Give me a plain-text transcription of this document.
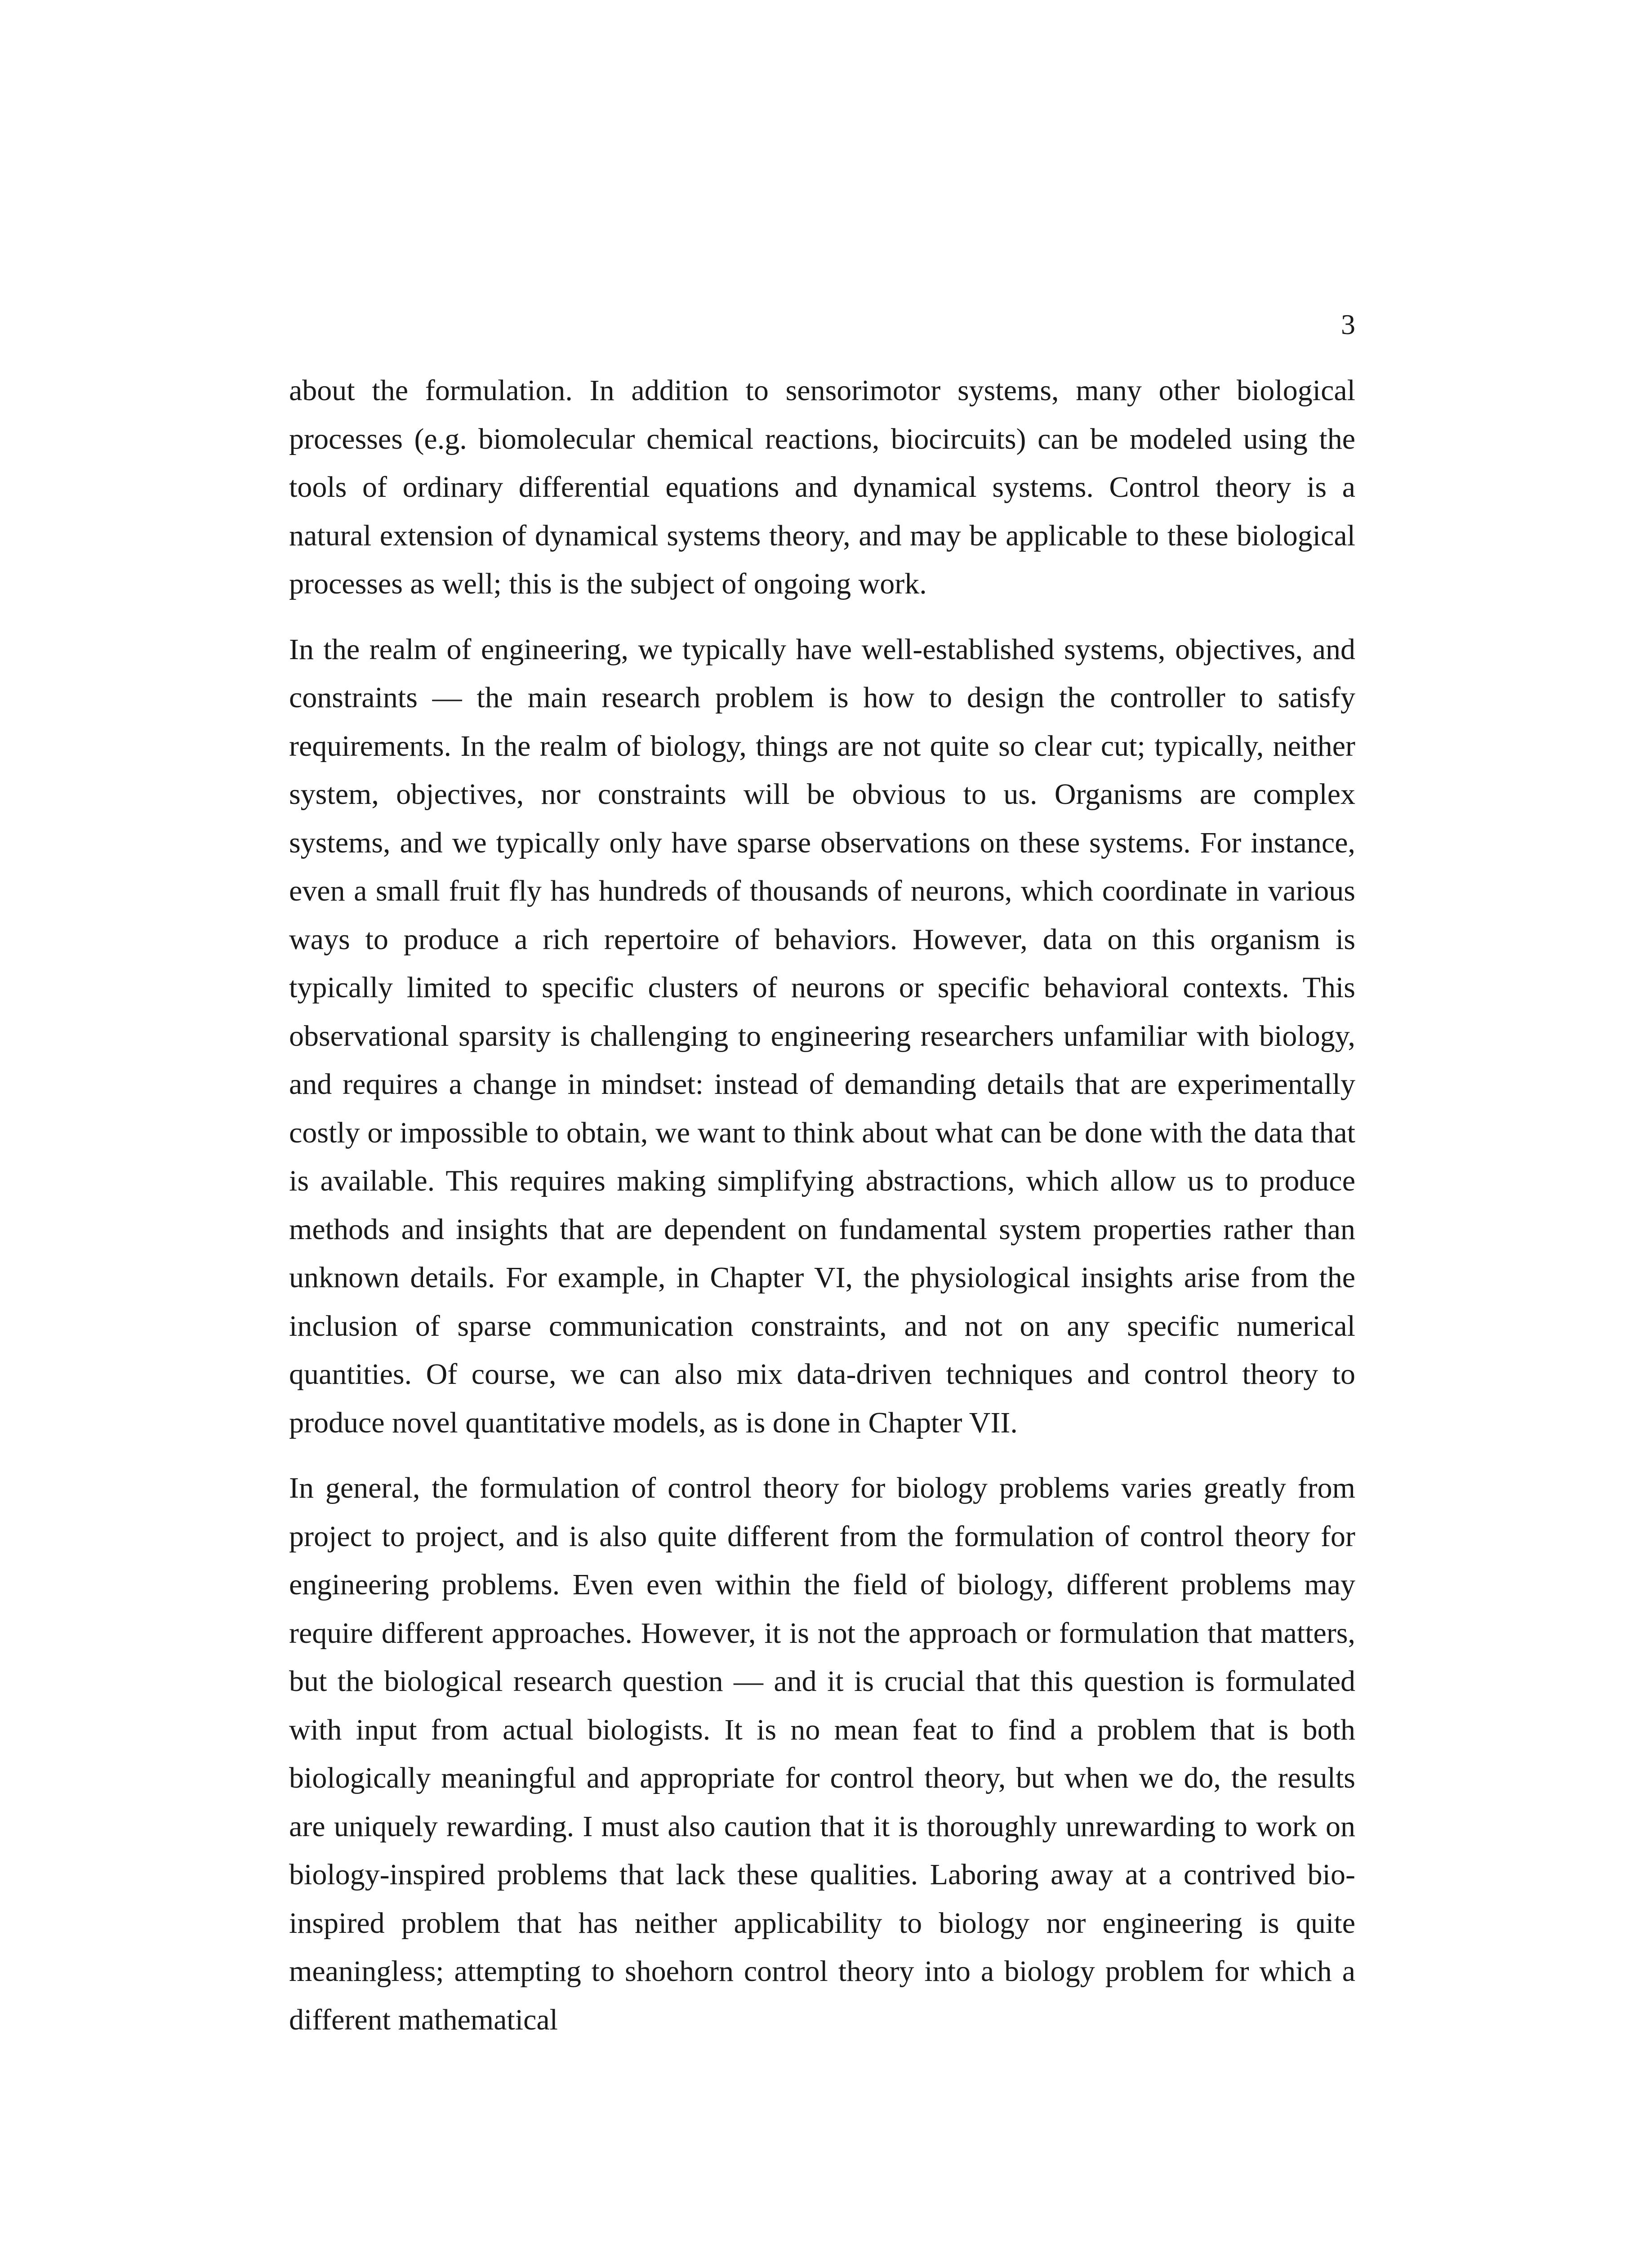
3

about the formulation. In addition to sensorimotor systems, many other biological processes (e.g. biomolecular chemical reactions, biocircuits) can be modeled using the tools of ordinary differential equations and dynamical systems. Control theory is a natural extension of dynamical systems theory, and may be applicable to these biological processes as well; this is the subject of ongoing work.

In the realm of engineering, we typically have well-established systems, objectives, and constraints — the main research problem is how to design the controller to satisfy requirements. In the realm of biology, things are not quite so clear cut; typically, neither system, objectives, nor constraints will be obvious to us. Organisms are complex systems, and we typically only have sparse observations on these systems. For instance, even a small fruit fly has hundreds of thousands of neurons, which coordinate in various ways to produce a rich repertoire of behaviors. However, data on this organism is typically limited to specific clusters of neurons or specific behavioral contexts. This observational sparsity is challenging to engineering researchers unfamiliar with biology, and requires a change in mindset: instead of demanding details that are experimentally costly or impossible to obtain, we want to think about what can be done with the data that is available. This requires making simplifying abstractions, which allow us to produce methods and insights that are dependent on fundamental system properties rather than unknown details. For example, in Chapter VI, the physiological insights arise from the inclusion of sparse communication constraints, and not on any specific numerical quantities. Of course, we can also mix data-driven techniques and control theory to produce novel quantitative models, as is done in Chapter VII.

In general, the formulation of control theory for biology problems varies greatly from project to project, and is also quite different from the formulation of control theory for engineering problems. Even even within the field of biology, different problems may require different approaches. However, it is not the approach or formulation that matters, but the biological research question — and it is crucial that this question is formulated with input from actual biologists. It is no mean feat to find a problem that is both biologically meaningful and appropriate for control theory, but when we do, the results are uniquely rewarding. I must also caution that it is thoroughly unrewarding to work on biology-inspired problems that lack these qualities. Laboring away at a contrived bio-inspired problem that has neither applicability to biology nor engineering is quite meaningless; attempting to shoehorn control theory into a biology problem for which a different mathematical
